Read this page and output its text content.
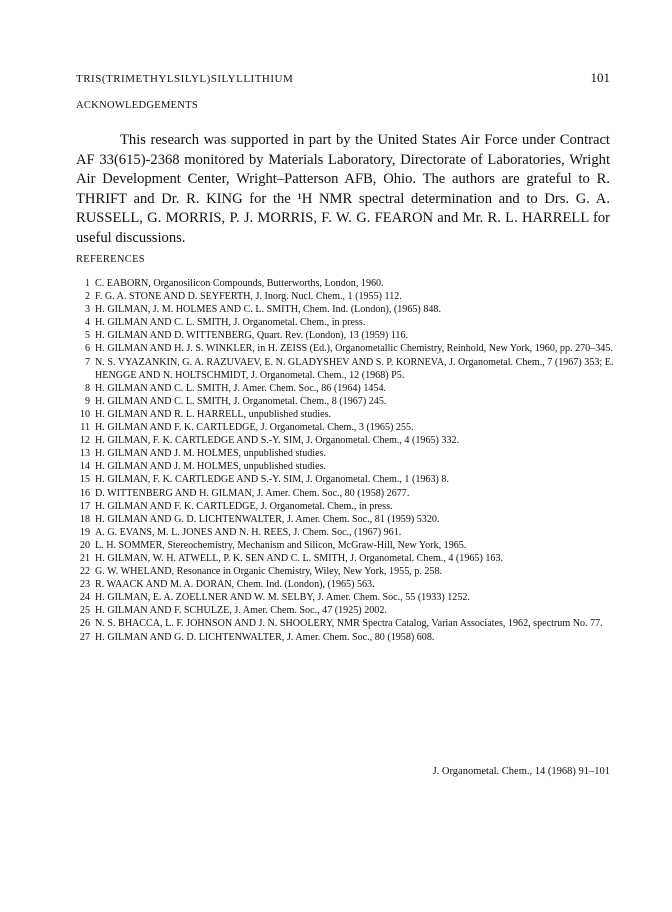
TRIS(TRIMETHYLSILYL)SILYLLITHIUM	101
ACKNOWLEDGEMENTS

This research was supported in part by the United States Air Force under Contract AF 33(615)-2368 monitored by Materials Laboratory, Directorate of Laboratories, Wright Air Development Center, Wright–Patterson AFB, Ohio. The authors are grateful to R. THRIFT and Dr. R. KING for the ¹H NMR spectral determination and to Drs. G. A. RUSSELL, G. MORRIS, P. J. MORRIS, F. W. G. FEARON and Mr. R. L. HARRELL for useful discussions.

REFERENCES
1 C. EABORN, Organosilicon Compounds, Butterworths, London, 1960.
2 F. G. A. STONE AND D. SEYFERTH, J. Inorg. Nucl. Chem., 1 (1955) 112.
3 H. GILMAN, J. M. HOLMES AND C. L. SMITH, Chem. Ind. (London), (1965) 848.
4 H. GILMAN AND C. L. SMITH, J. Organometal. Chem., in press.
5 H. GILMAN AND D. WITTENBERG, Quart. Rev. (London), 13 (1959) 116.
6 H. GILMAN AND H. J. S. WINKLER, in H. ZEISS (Ed.), Organometallic Chemistry, Reinhold, New York, 1960, pp. 270–345.
7 N. S. VYAZANKIN, G. A. RAZUVAEV, E. N. GLADYSHEV AND S. P. KORNEVA, J. Organometal. Chem., 7 (1967) 353; E. HENGGE AND N. HOLTSCHMIDT, J. Organometal. Chem., 12 (1968) P5.
8 H. GILMAN AND C. L. SMITH, J. Amer. Chem. Soc., 86 (1964) 1454.
9 H. GILMAN AND C. L. SMITH, J. Organometal. Chem., 8 (1967) 245.
10 H. GILMAN AND R. L. HARRELL, unpublished studies.
11 H. GILMAN AND F. K. CARTLEDGE, J. Organometal. Chem., 3 (1965) 255.
12 H. GILMAN, F. K. CARTLEDGE AND S.-Y. SIM, J. Organometal. Chem., 4 (1965) 332.
13 H. GILMAN AND J. M. HOLMES, unpublished studies.
14 H. GILMAN AND J. M. HOLMES, unpublished studies.
15 H. GILMAN, F. K. CARTLEDGE AND S.-Y. SIM, J. Organometal. Chem., 1 (1963) 8.
16 D. WITTENBERG AND H. GILMAN, J. Amer. Chem. Soc., 80 (1958) 2677.
17 H. GILMAN AND F. K. CARTLEDGE, J. Organometal. Chem., in press.
18 H. GILMAN AND G. D. LICHTENWALTER, J. Amer. Chem. Soc., 81 (1959) 5320.
19 A. G. EVANS, M. L. JONES AND N. H. REES, J. Chem. Soc., (1967) 961.
20 L. H. SOMMER, Stereochemistry, Mechanism and Silicon, McGraw-Hill, New York, 1965.
21 H. GILMAN, W. H. ATWELL, P. K. SEN AND C. L. SMITH, J. Organometal. Chem., 4 (1965) 163.
22 G. W. WHELAND, Resonance in Organic Chemistry, Wiley, New York, 1955, p. 258.
23 R. WAACK AND M. A. DORAN, Chem. Ind. (London), (1965) 563.
24 H. GILMAN, E. A. ZOELLNER AND W. M. SELBY, J. Amer. Chem. Soc., 55 (1933) 1252.
25 H. GILMAN AND F. SCHULZE, J. Amer. Chem. Soc., 47 (1925) 2002.
26 N. S. BHACCA, L. F. JOHNSON AND J. N. SHOOLERY, NMR Spectra Catalog, Varian Associates, 1962, spectrum No. 77.
27 H. GILMAN AND G. D. LICHTENWALTER, J. Amer. Chem. Soc., 80 (1958) 608.
J. Organometal. Chem., 14 (1968) 91–101
